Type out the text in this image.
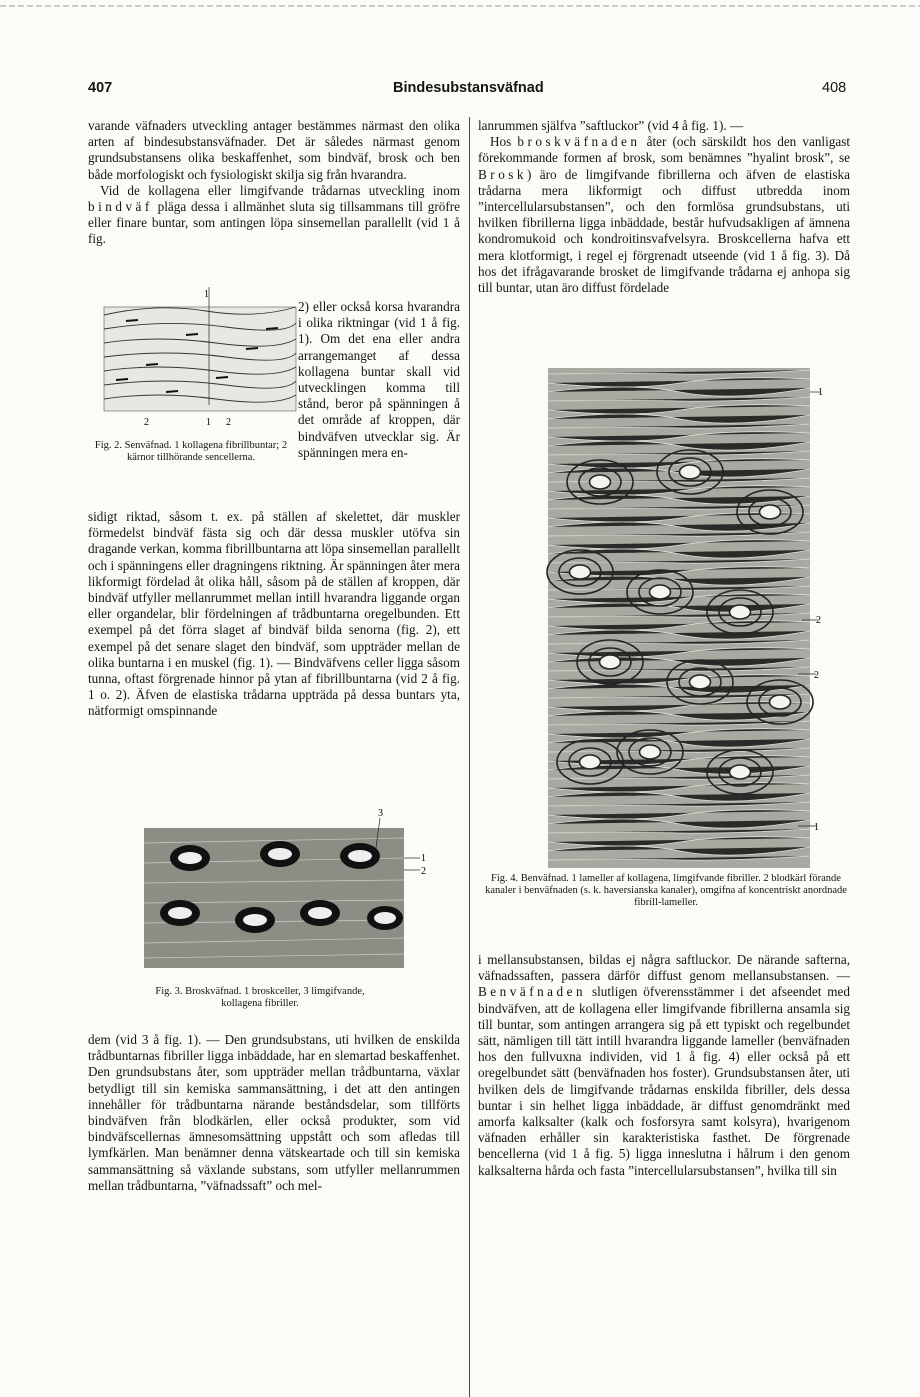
407	Bindesubstansväfnad	408

varande väfnaders utveckling antager bestämmes närmast den olika arten af bindesubstansväfnader. Det är således närmast genom grundsubstansens olika beskaffenhet, som bindväf, brosk och ben både morfologiskt och fysiologiskt skilja sig från hvarandra.

Vid de kollagena eller limgifvande trådarnas utveckling inom bindväf pläga dessa i allmänhet sluta sig tillsammans till gröfre eller finare buntar, som antingen löpa sinsemellan parallellt (vid 1 å fig.

1
2	1 2
Fig. 2. Senväfnad. 1 kollagena fibrillbuntar; 2 kärnor tillhörande sencellerna.
2) eller också korsa hvarandra i olika riktningar (vid 1 å fig. 1). Om det ena eller andra arrangemanget af dessa kollagena buntar skall vid utvecklingen komma till stånd, beror på spänningen å det område af kroppen, där bindväfven utvecklar sig. Är spänningen mera en-

sidigt riktad, såsom t. ex. på ställen af skelettet, där muskler förmedelst bindväf fästa sig och där dessa muskler utöfva sin dragande verkan, komma fibrillbuntarna att löpa sinsemellan parallellt och i spänningens eller dragningens riktning. Är spänningen åter mera likformigt fördelad åt olika håll, såsom på de ställen af kroppen, där bindväf utfyller mellanrummet mellan intill hvarandra liggande organ eller organdelar, blir fördelningen af trådbuntarna oregelbunden. Ett exempel på det förra slaget af bindväf bilda senorna (fig. 2), ett exempel på det senare slaget den bindväf, som uppträder mellan de olika buntarna i en muskel (fig. 1). — Bindväfvens celler ligga såsom tunna, oftast förgrenade hinnor på ytan af fibrillbuntarna (vid 2 å fig. 1 o. 2). Äfven de elastiska trådarna uppträda på dessa buntars yta, nätformigt omspinnande

3
1
2
Fig. 3. Broskväfnad. 1 broskceller, 3 limgifvande, kollagena fibriller.

dem (vid 3 å fig. 1). — Den grundsubstans, uti hvilken de enskilda trådbuntarnas fibriller ligga inbäddade, har en slemartad beskaffenhet. Den grundsubstans åter, som uppträder mellan trådbuntarna, växlar betydligt till sin kemiska sammansättning, i det att den antingen innehåller för trådbuntarna närande beståndsdelar, som tillförts bindväfven från blodkärlen, eller också produkter, som vid bindväfscellernas ämnesomsättning uppstått och som afledas till lymfkärlen. Man benämner denna vätskeartade och till sin kemiska sammansättning så växlande substans, som utfyller mellanrummen mellan trådbuntarna, ”väfnadssaft” och mel-

lanrummen själfva ”saftluckor” (vid 4 å fig. 1). —

Hos broskväfnaden åter (och särskildt hos den vanligast förekommande formen af brosk, som benämnes ”hyalint brosk”, se Brosk) äro de limgifvande fibrillerna och äfven de elastiska trådarna mera likformigt och diffust utbredda inom ”intercellularsubstansen”, och den formlösa grundsubstans, uti hvilken fibrillerna ligga inbäddade, består hufvudsakligen af ämnena kondromukoid och kondroitinsvafvelsyra. Broskcellerna hafva ett mera klotformigt, i regel ej förgrenadt utseende (vid 1 å fig. 3). Då hos det ifrågavarande brosket de limgifvande trådarna ej anhopa sig till buntar, utan äro diffust fördelade

1
2
2
1
Fig. 4. Benväfnad. 1 lameller af kollagena, limgifvande fibriller. 2 blodkärl förande kanaler i benväfnaden (s. k. haversianska kanaler), omgifna af koncentriskt anordnade fibrill-lameller.

i mellansubstansen, bildas ej några saftluckor. De närande safterna, väfnadssaften, passera därför diffust genom mellansubstansen. — Benväfnaden slutligen öfverensstämmer i det afseendet med bindväfven, att de kollagena eller limgifvande fibrillerna ansamla sig till buntar, som antingen arrangera sig på ett typiskt och regelbundet sätt, nämligen till tätt intill hvarandra liggande lameller (benväfnaden hos den fullvuxna individen, vid 1 å fig. 4) eller också på ett oregelbundet sätt (benväfnaden hos foster). Grundsubstansen åter, uti hvilken dels de limgifvande trådarnas enskilda fibriller, dels dessa buntar i sin helhet ligga inbäddade, är diffust genomdränkt med amorfa kalksalter (kalk och fosforsyra samt kolsyra), hvarigenom väfnaden erhåller sin karakteristiska fasthet. De förgrenade bencellerna (vid 1 å fig. 5) ligga inneslutna i hålrum i den genom kalksalterna hårda och fasta ”intercellularsubstansen”, hvilka till sin
